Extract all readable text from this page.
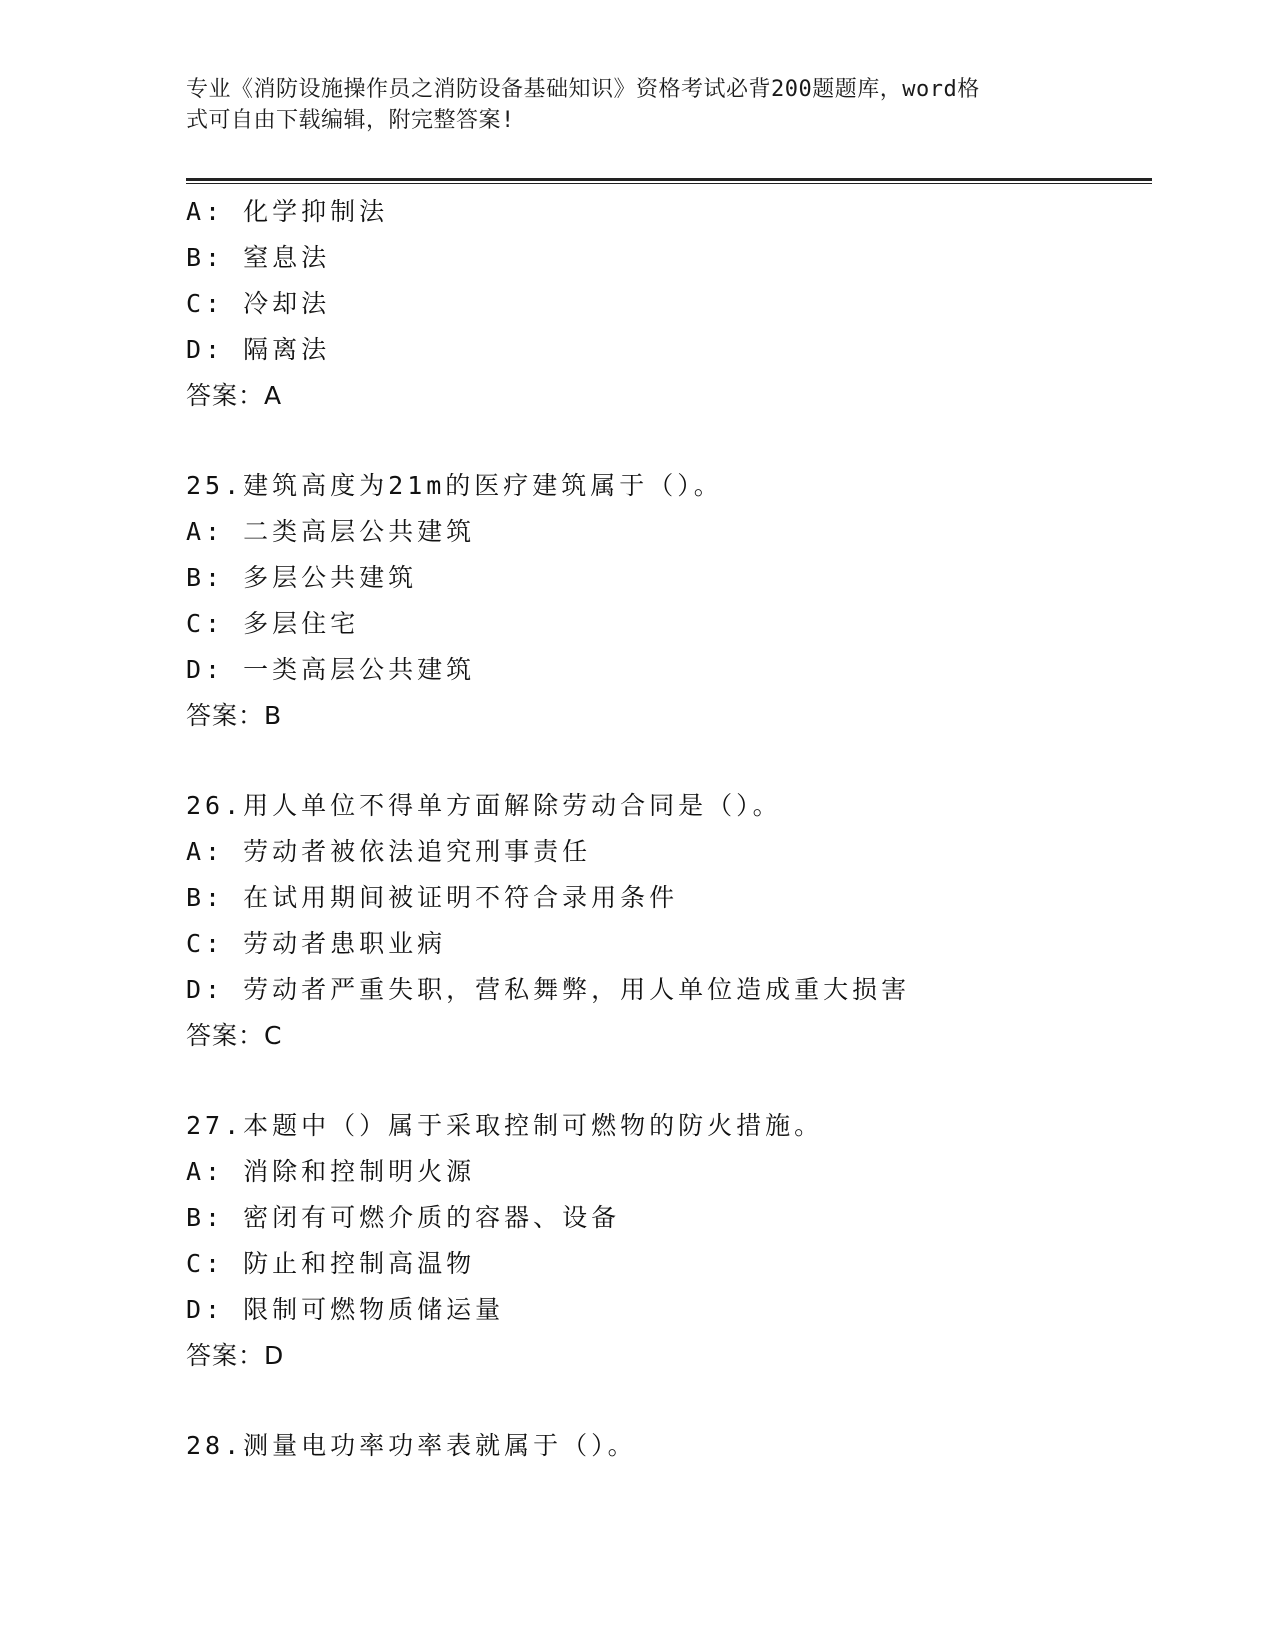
专业《消防设施操作员之消防设备基础知识》资格考试必背200题题库，word格
式可自由下载编辑，附完整答案!
A: 化学抑制法
B: 窒息法
C: 冷却法
D: 隔离法
答案：A
25.建筑高度为21m的医疗建筑属于（）。
A: 二类高层公共建筑
B: 多层公共建筑
C: 多层住宅
D: 一类高层公共建筑
答案：B
26.用人单位不得单方面解除劳动合同是（）。
A: 劳动者被依法追究刑事责任
B: 在试用期间被证明不符合录用条件
C: 劳动者患职业病
D: 劳动者严重失职，营私舞弊，用人单位造成重大损害
答案：C
27.本题中（）属于采取控制可燃物的防火措施。
A: 消除和控制明火源
B: 密闭有可燃介质的容器、设备
C: 防止和控制高温物
D: 限制可燃物质储运量
答案：D
28.测量电功率功率表就属于（）。
